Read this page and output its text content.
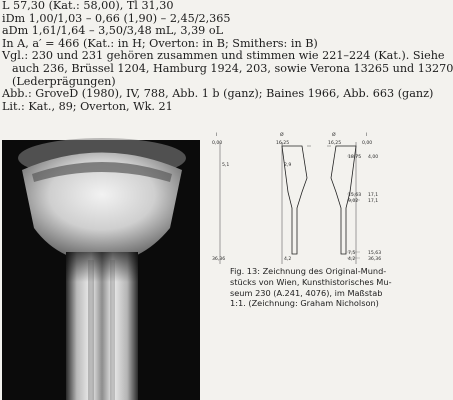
L 57,30 (Kat.: 58,00), Tl 31,30
iDm 1,00/1,03 – 0,66 (1,90) – 2,45/2,365
aDm 1,61/1,64 – 3,50/3,48 mL, 3,39 oL
In A, a′ = 466 (Kat.: in H; Overton: in B; Smithers: in B)
Vgl.: 230 und 231 gehören zusammen und stimmen wie 221–224 (Kat.). Siehe
auch 236, Brüssel 1204, Hamburg 1924, 203, sowie Verona 13265 und 13270
(Lederprägungen)
Abb.: GroveD (1980), IV, 788, Abb. 1 b (ganz); Baines 1966, Abb. 663 (ganz)
Lit.: Kat., 89; Overton, Wk. 21
l
0,00
Ø
16,25
Ø
16,25
l
0,00
5,1	2,9
36,36	4,2
18,75
15,63
9,02
7,5
4,2
4,00
17,1
17,1
15,63
36,36
Fig. 13: Zeichnung des Original-Mund-
stücks von Wien, Kunsthistorisches Mu-
seum 230 (A.241, 4076), im Maßstab
1:1. (Zeichnung: Graham Nicholson)
